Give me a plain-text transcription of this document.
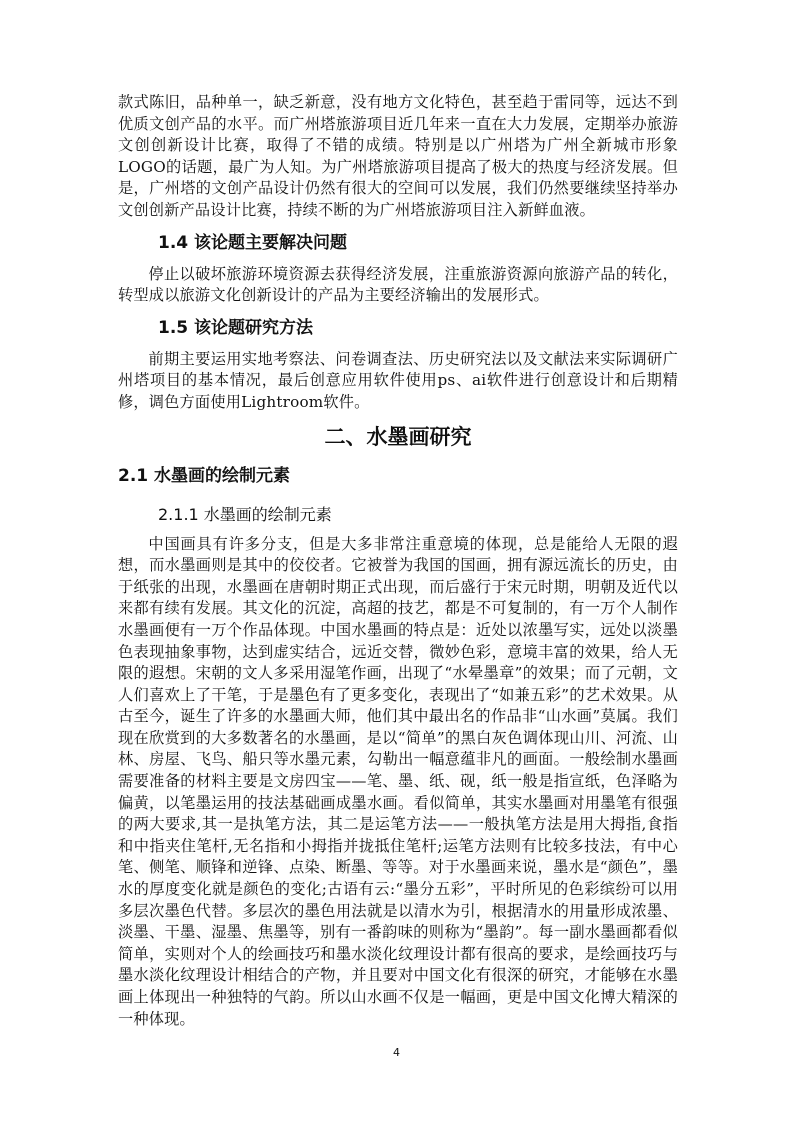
款式陈旧，品种单一，缺乏新意，没有地方文化特色，甚至趋于雷同等，远达不到优质文创产品的水平。而广州塔旅游项目近几年来一直在大力发展，定期举办旅游文创创新设计比赛，取得了不错的成绩。特别是以广州塔为广州全新城市形象LOGO的话题，最广为人知。为广州塔旅游项目提高了极大的热度与经济发展。但是，广州塔的文创产品设计仍然有很大的空间可以发展，我们仍然要继续坚持举办文创创新产品设计比赛，持续不断的为广州塔旅游项目注入新鲜血液。

1.4 该论题主要解决问题

停止以破坏旅游环境资源去获得经济发展，注重旅游资源向旅游产品的转化，转型成以旅游文化创新设计的产品为主要经济输出的发展形式。

1.5 该论题研究方法

前期主要运用实地考察法、问卷调查法、历史研究法以及文献法来实际调研广州塔项目的基本情况，最后创意应用软件使用ps、ai软件进行创意设计和后期精修，调色方面使用Lightroom软件。

二、水墨画研究
2.1 水墨画的绘制元素
2.1.1 水墨画的绘制元素

中国画具有许多分支，但是大多非常注重意境的体现，总是能给人无限的遐想，而水墨画则是其中的佼佼者。它被誉为我国的国画，拥有源远流长的历史，由于纸张的出现，水墨画在唐朝时期正式出现，而后盛行于宋元时期，明朝及近代以来都有续有发展。其文化的沉淀，高超的技艺，都是不可复制的，有一万个人制作水墨画便有一万个作品体现。中国水墨画的特点是：近处以浓墨写实，远处以淡墨色表现抽象事物，达到虚实结合，远近交替，微妙色彩，意境丰富的效果，给人无限的遐想。宋朝的文人多采用湿笔作画，出现了“水晕墨章”的效果；而了元朝，文人们喜欢上了干笔，于是墨色有了更多变化，表现出了“如兼五彩”的艺术效果。从古至今，诞生了许多的水墨画大师，他们其中最出名的作品非“山水画”莫属。我们现在欣赏到的大多数著名的水墨画，是以“简单”的黑白灰色调体现山川、河流、山林、房屋、飞鸟、船只等水墨元素，勾勒出一幅意蕴非凡的画面。一般绘制水墨画需要准备的材料主要是文房四宝——笔、墨、纸、砚，纸一般是指宣纸，色泽略为偏黄，以笔墨运用的技法基础画成墨水画。看似简单，其实水墨画对用墨笔有很强的两大要求,其一是执笔方法，其二是运笔方法——一般执笔方法是用大拇指,食指和中指夹住笔杆,无名指和小拇指并拢抵住笔杆;运笔方法则有比较多技法，有中心笔、侧笔、顺锋和逆锋、点染、断墨、等等。对于水墨画来说，墨水是“颜色”，墨水的厚度变化就是颜色的变化;古语有云:“墨分五彩”，平时所见的色彩缤纷可以用多层次墨色代替。多层次的墨色用法就是以清水为引，根据清水的用量形成浓墨、淡墨、干墨、湿墨、焦墨等，别有一番韵味的则称为“墨韵”。每一副水墨画都看似简单，实则对个人的绘画技巧和墨水淡化纹理设计都有很高的要求，是绘画技巧与墨水淡化纹理设计相结合的产物，并且要对中国文化有很深的研究，才能够在水墨画上体现出一种独特的气韵。所以山水画不仅是一幅画，更是中国文化博大精深的一种体现。

4
